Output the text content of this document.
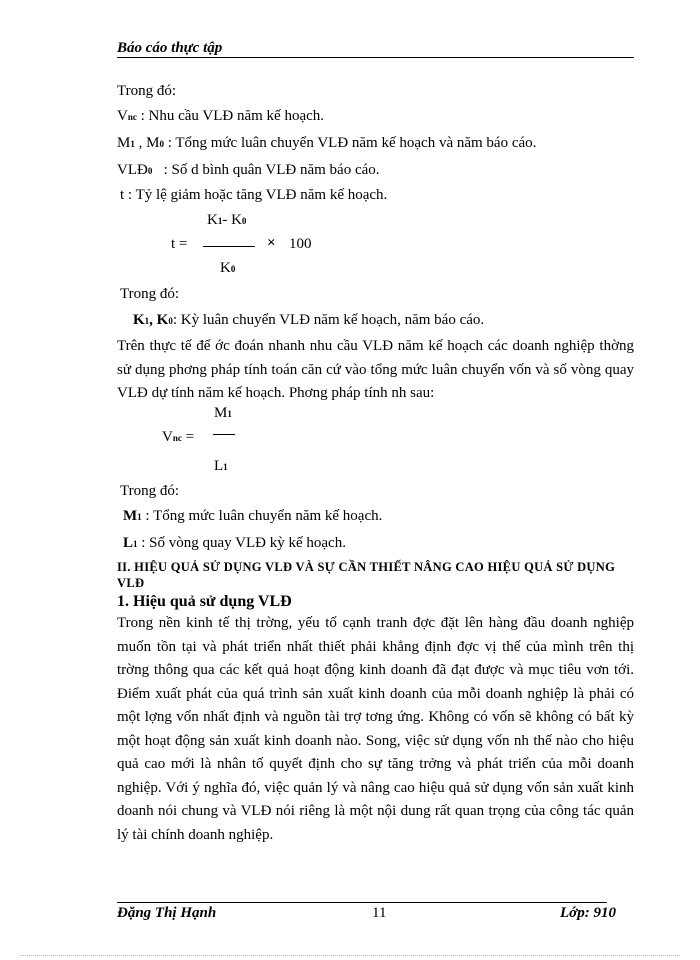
Báo cáo thực tập
Trong đó:
Vnc : Nhu cầu VLĐ năm kế hoạch.
M1 , M0 : Tổng mức luân chuyển VLĐ năm kế hoạch và năm báo cáo.
VLĐ0 : Số d bình quân VLĐ năm báo cáo.
t : Tỷ lệ giảm hoặc tăng VLĐ năm kế hoạch.
K1- K0
t =	× 100
K0
Trong đó:
K1, K0: Kỳ luân chuyển VLĐ năm kế hoạch, năm báo cáo.
Trên thực tế để ớc đoán nhanh nhu cầu VLĐ năm kế hoạch các doanh nghiệp thờng sử dụng phơng pháp tính toán căn cứ vào tổng mức luân chuyển vốn và số vòng quay VLĐ dự tính năm kế hoạch. Phơng pháp tính nh sau:
M1
Vnc =
L1
Trong đó:
M1 : Tổng mức luân chuyển năm kế hoạch.
L1 : Số vòng quay VLĐ kỳ kế hoạch.
II. HIỆU QUẢ SỬ DỤNG VLĐ VÀ SỰ CẦN THIẾT NÂNG CAO HIỆU QUẢ SỬ DỤNG VLĐ
1. Hiệu quả sử dụng VLĐ
Trong nền kinh tế thị trờng, yếu tố cạnh tranh đợc đặt lên hàng đầu doanh nghiệp muốn tồn tại và phát triển nhất thiết phải khẳng định đợc vị thế của mình trên thị trờng thông qua các kết quả hoạt động kinh doanh đã đạt được và mục tiêu vơn tới. Điểm xuất phát của quá trình sản xuất kinh doanh của mỗi doanh nghiệp là phải có một lợng vốn nhất định và nguồn tài trợ tơng ứng. Không có vốn sẽ không có bất kỳ một hoạt động sản xuất kinh doanh nào. Song, việc sử dụng vốn nh thế nào cho hiệu quả cao mới là nhân tố quyết định cho sự tăng trởng và phát triển của mỗi doanh nghiệp. Với ý nghĩa đó, việc quản lý và nâng cao hiệu quả sử dụng vốn sản xuất kinh doanh nói chung và VLĐ nói riêng là một nội dung rất quan trọng của công tác quản lý tài chính doanh nghiệp.
Đặng Thị Hạnh	11	Lớp: 910
